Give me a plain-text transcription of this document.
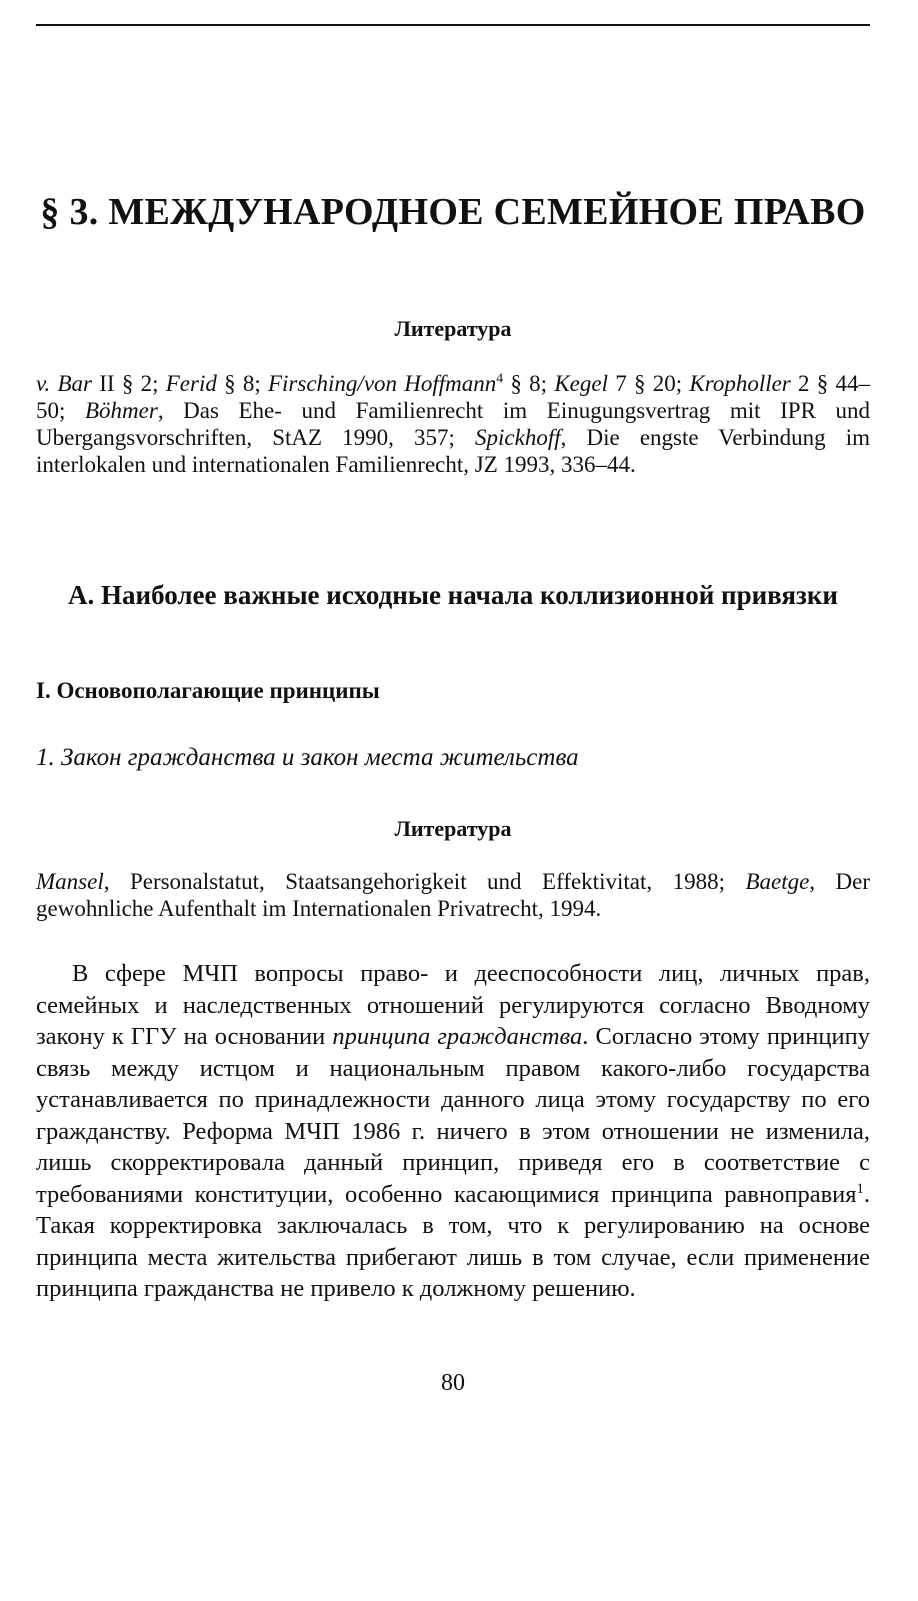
§ 3. МЕЖДУНАРОДНОЕ СЕМЕЙНОЕ ПРАВО
Литература
v. Bar II § 2; Ferid § 8; Firsching/von Hoffmann$^4$ § 8; Kegel 7 § 20; Kropholler 2 § 44–50; Böhmer, Das Ehe- und Familienrecht im Einugungsvertrag mit IPR und Ubergangsvorschriften, StAZ 1990, 357; Spickhoff, Die engste Verbindung im interlokalen und internationalen Familienrecht, JZ 1993, 336–44.
А. Наиболее важные исходные начала коллизионной привязки
I. Основополагающие принципы
1. Закон гражданства и закон места жительства
Литература
Mansel, Personalstatut, Staatsangehorigkeit und Effektivitat, 1988; Baetge, Der gewohnliche Aufenthalt im Internationalen Privatrecht, 1994.
В сфере МЧП вопросы право- и дееспособности лиц, личных прав, семейных и наследственных отношений регулируются согласно Вводному закону к ГГУ на основании принципа гражданства. Согласно этому принципу связь между истцом и национальным правом какого-либо государства устанавливается по принадлежности данного лица этому государству по его гражданству. Реформа МЧП 1986 г. ничего в этом отношении не изменила, лишь скорректировала данный принцип, приведя его в соответствие с требованиями конституции, особенно касающимися принципа равноправия$^1$. Такая корректировка заключалась в том, что к регулированию на основе принципа места жительства прибегают лишь в том случае, если применение принципа гражданства не привело к должному решению.
80
